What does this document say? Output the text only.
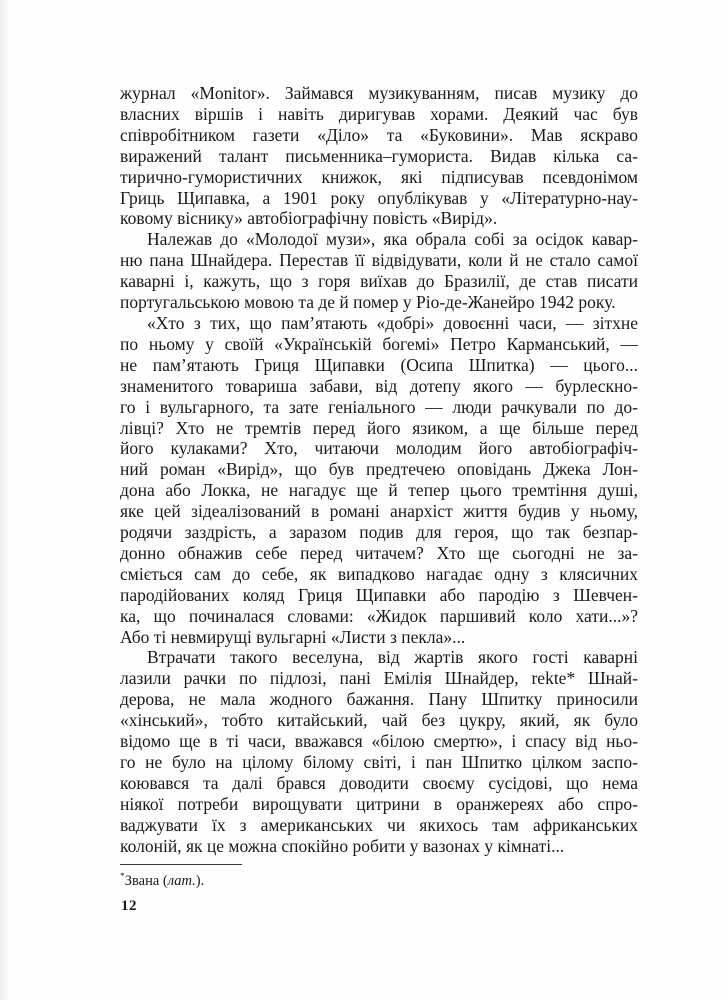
журнал «Monitor». Займався музикуванням, писав музику до
власних віршів і навіть диригував хорами. Деякий час був
співробітником газети «Діло» та «Буковини». Мав яскраво
виражений талант письменника–гумориста. Видав кілька са-
тирично-гумористичних книжок, які підписував псевдонімом
Гриць Щипавка, а 1901 року опублікував у «Літературно-нау-
ковому віснику» автобіографічну повість «Вирід».
Належав до «Молодої музи», яка обрала собі за осідок кавар-
ню пана Шнайдера. Перестав її відвідувати, коли й не стало самої
каварні і, кажуть, що з горя виїхав до Бразилії, де став писати
португальською мовою та де й помер у Ріо-де-Жанейро 1942 року.
«Хто з тих, що пам’ятають «добрі» довоєнні часи, — зітхне
по ньому у своїй «Українській богемі» Петро Карманський, —
не пам’ятають Гриця Щипавки (Осипа Шпитка) — цього...
знаменитого товариша забави, від дотепу якого — бурлескно-
го і вульгарного, та зате геніального — люди рачкували по до-
лівці? Хто не тремтів перед його язиком, а ще більше перед
його кулаками? Хто, читаючи молодим його автобіографіч-
ний роман «Вирід», що був предтечею оповідань Джека Лон-
дона або Локка, не нагадує ще й тепер цього тремтіння душі,
яке цей зідеалізований в романі анархіст життя будив у ньому,
родячи заздрість, а заразом подив для героя, що так безпар-
донно обнажив себе перед читачем? Хто ще сьогодні не за-
сміється сам до себе, як випадково нагадає одну з клясичних
пародійованих коляд Гриця Щипавки або пародію з Шевчен-
ка, що починалася словами: «Жидок паршивий коло хати...»?
Або ті невмирущі вульгарні «Листи з пекла»...
Втрачати такого веселуна, від жартів якого гості каварні
лазили рачки по підлозі, пані Емілія Шнайдер, rekte* Шнай-
дерова, не мала жодного бажання. Пану Шпитку приносили
«хінський», тобто китайський, чай без цукру, який, як було
відомо ще в ті часи, вважався «білою смертю», і спасу від ньо-
го не було на цілому білому світі, і пан Шпитко цілком заспо-
коювався та далі брався доводити своєму сусідові, що нема
ніякої потреби вирощувати цитрини в оранжереях або спро-
ваджувати їх з американських чи якихось там африканських
колоній, як це можна спокійно робити у вазонах у кімнаті...
*Звана (лат.).
12
